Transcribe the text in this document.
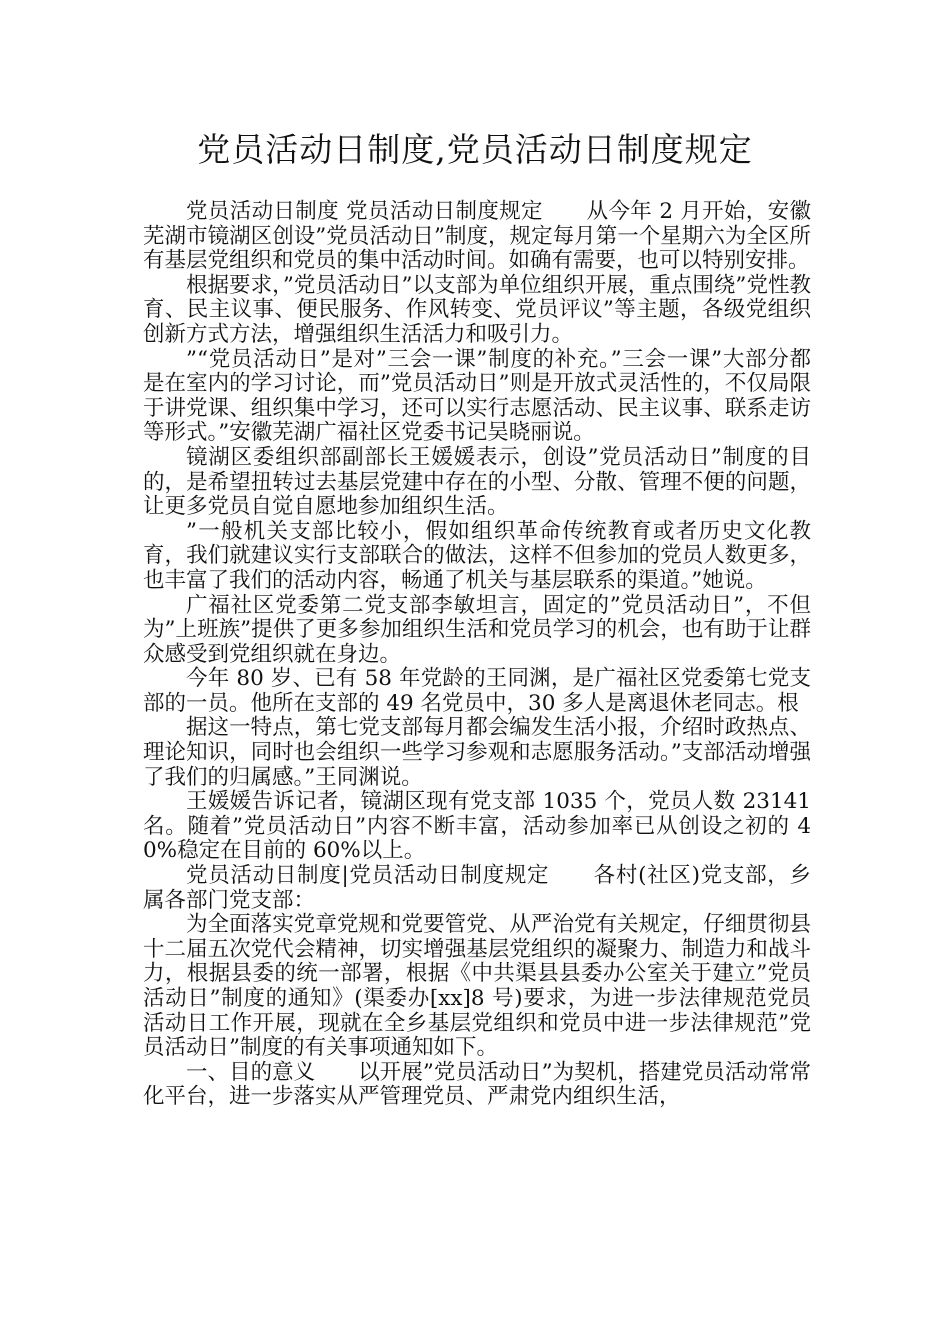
党员活动日制度,党员活动日制度规定

党员活动日制度 党员活动日制度规定　　从今年 2 月开始，安徽芜湖市镜湖区创设”党员活动日”制度，规定每月第一个星期六为全区所有基层党组织和党员的集中活动时间。如确有需要，也可以特别安排。

根据要求，”党员活动日”以支部为单位组织开展，重点围绕”党性教育、民主议事、便民服务、作风转变、党员评议”等主题，各级党组织创新方式方法，增强组织生活活力和吸引力。

”“党员活动日”是对”三会一课”制度的补充。”三会一课”大部分都是在室内的学习讨论，而”党员活动日”则是开放式灵活性的，不仅局限于讲党课、组织集中学习，还可以实行志愿活动、民主议事、联系走访等形式。”安徽芜湖广福社区党委书记吴晓丽说。

镜湖区委组织部副部长王媛媛表示，创设”党员活动日”制度的目的，是希望扭转过去基层党建中存在的小型、分散、管理不便的问题，让更多党员自觉自愿地参加组织生活。

”一般机关支部比较小，假如组织革命传统教育或者历史文化教育，我们就建议实行支部联合的做法，这样不但参加的党员人数更多，也丰富了我们的活动内容，畅通了机关与基层联系的渠道。”她说。

广福社区党委第二党支部李敏坦言，固定的”党员活动日”，不但为”上班族”提供了更多参加组织生活和党员学习的机会，也有助于让群众感受到党组织就在身边。

今年 80 岁、已有 58 年党龄的王同渊，是广福社区党委第七党支部的一员。他所在支部的 49 名党员中，30 多人是离退休老同志。根

据这一特点，第七党支部每月都会编发生活小报，介绍时政热点、理论知识，同时也会组织一些学习参观和志愿服务活动。”支部活动增强了我们的归属感。”王同渊说。

王媛媛告诉记者，镜湖区现有党支部 1035 个，党员人数 23141 名。随着”党员活动日”内容不断丰富，活动参加率已从创设之初的 40%稳定在目前的 60%以上。

党员活动日制度|党员活动日制度规定　　各村(社区)党支部，乡属各部门党支部：

为全面落实党章党规和党要管党、从严治党有关规定，仔细贯彻县十二届五次党代会精神，切实增强基层党组织的凝聚力、制造力和战斗力，根据县委的统一部署，根据《中共渠县县委办公室关于建立”党员活动日”制度的通知》(渠委办[xx]8 号)要求，为进一步法律规范党员活动日工作开展，现就在全乡基层党组织和党员中进一步法律规范”党员活动日”制度的有关事项通知如下。

一、目的意义　　以开展”党员活动日”为契机，搭建党员活动常常化平台，进一步落实从严管理党员、严肃党内组织生活，
